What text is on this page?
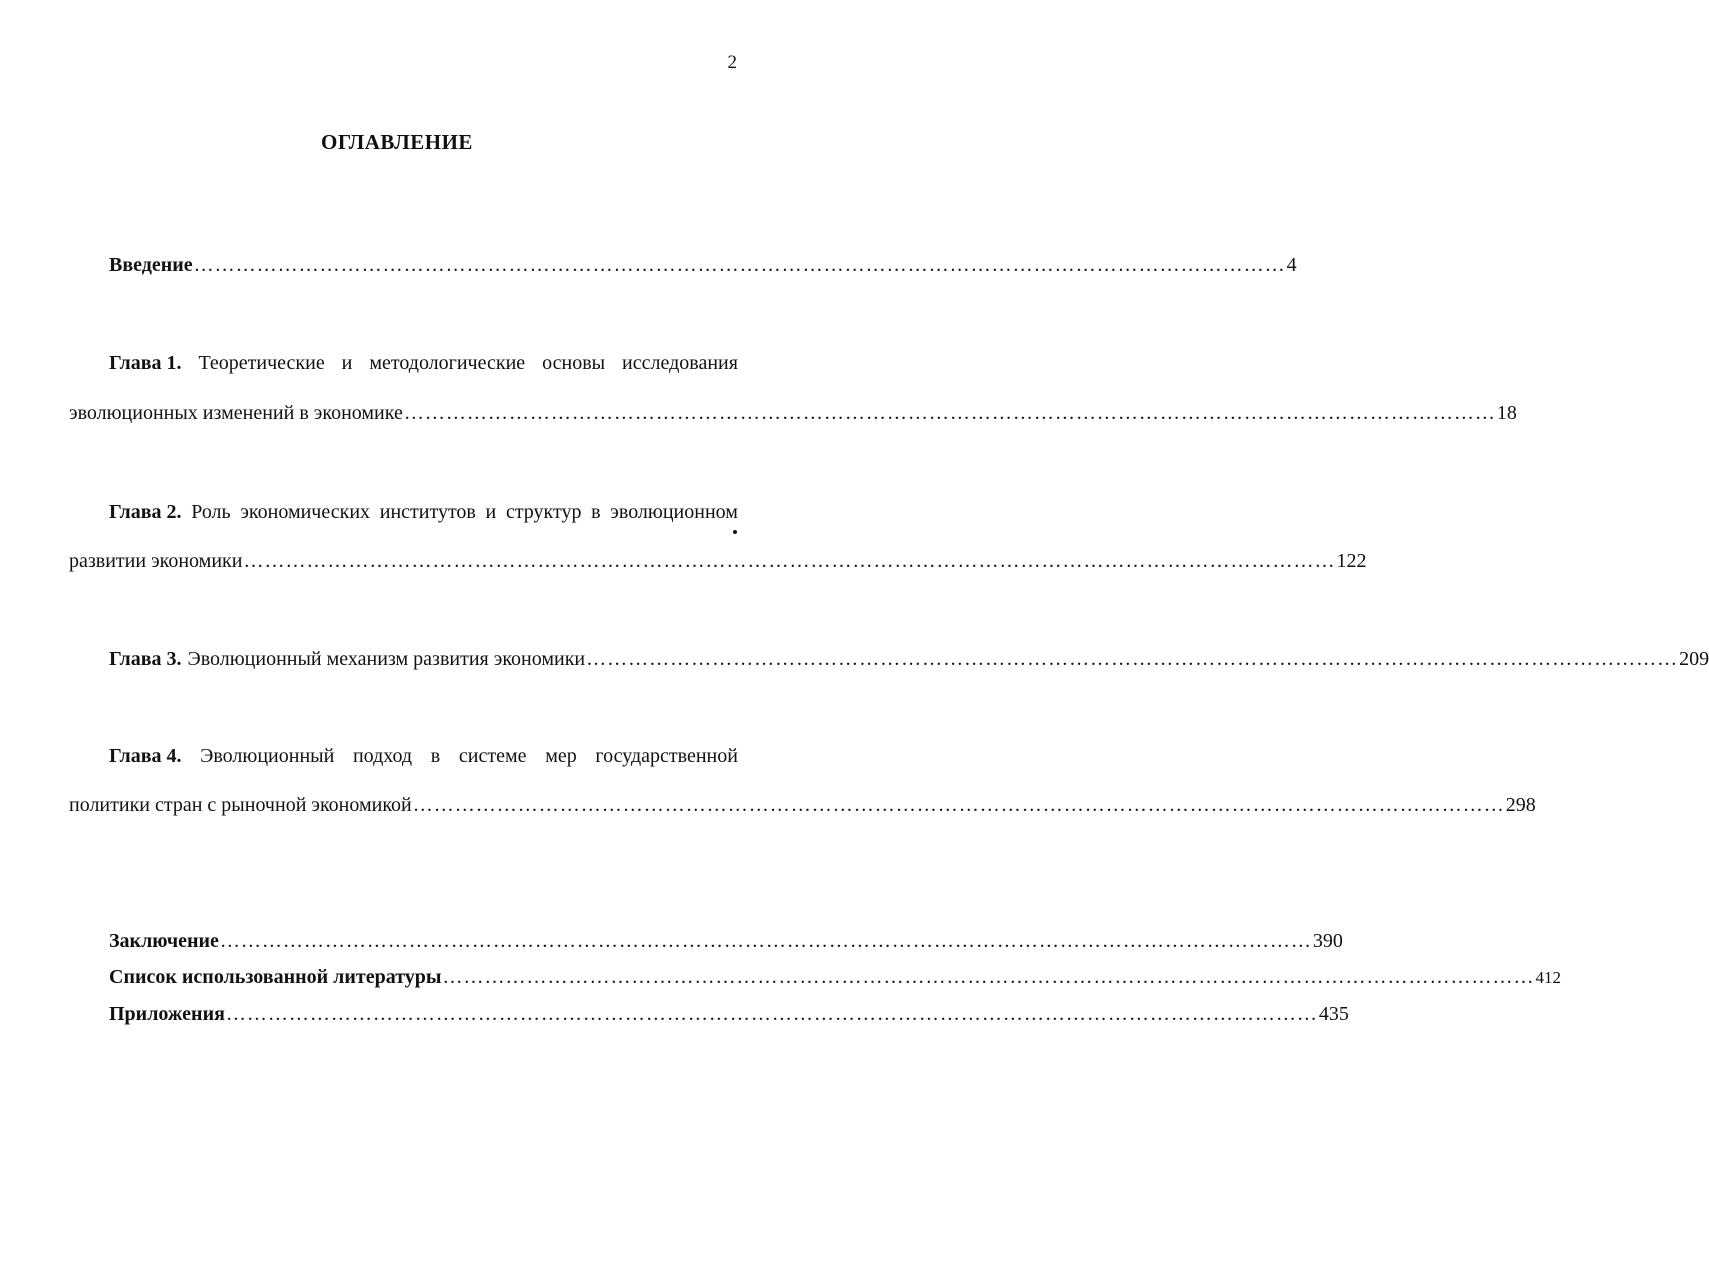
2
ОГЛАВЛЕНИЕ
Введение ………………………………………………………………………………………………………………………………………… 4
Глава 1. Теоретические и методологические основы исследования
эволюционных изменений в экономике ………………………………………………………………………………………………………………………………………… 18
Глава 2. Роль экономических институтов и структур в эволюционном
развитии экономики ………………………………………………………………………………………………………………………………………… 122
Глава 3. Эволюционный механизм развития экономики ………………………………………………………………………………………………………………………………………… 209
Глава 4. Эволюционный подход в системе мер государственной
политики стран с рыночной экономикой ………………………………………………………………………………………………………………………………………… 298
Заключение ………………………………………………………………………………………………………………………………………… 390
Список использованной литературы ………………………………………………………………………………………………………………………………………… 412
Приложения ………………………………………………………………………………………………………………………………………… 435
